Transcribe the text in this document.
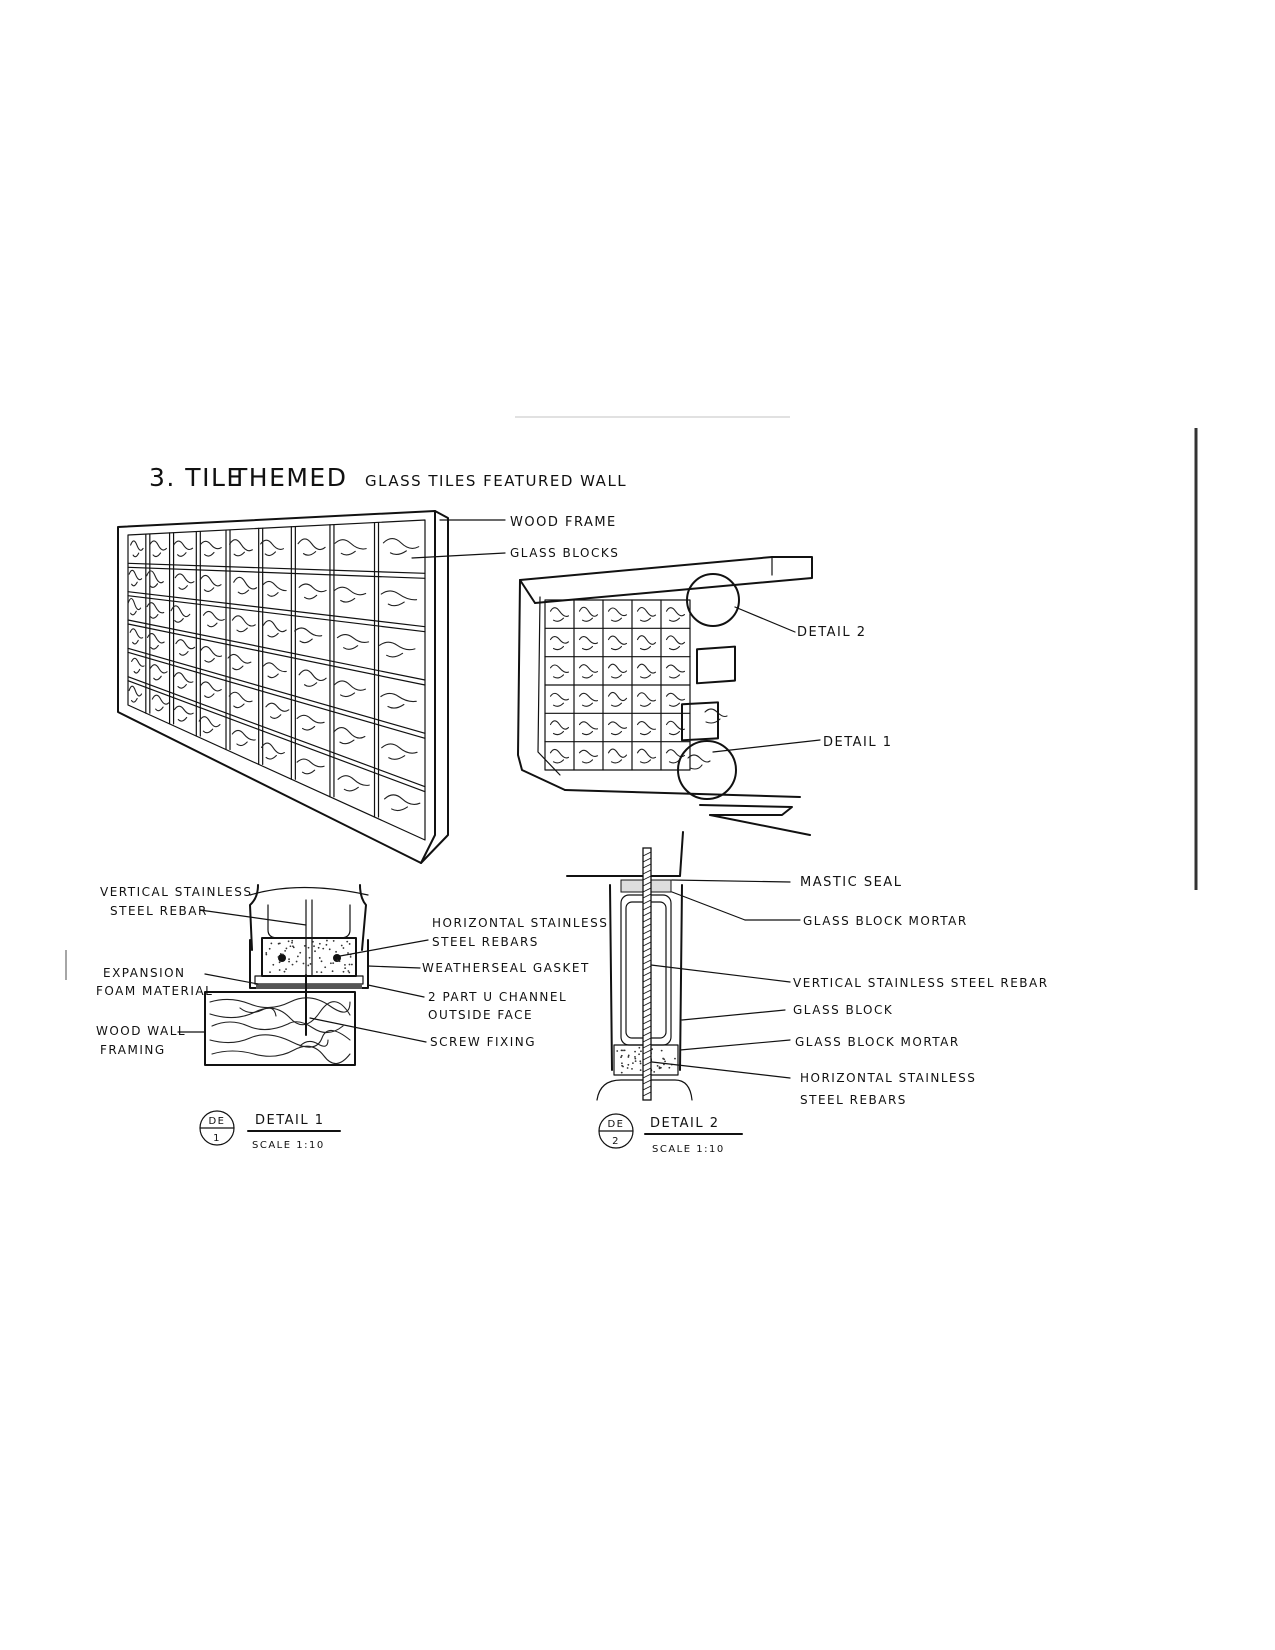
3. TILE
THEMED GLASS TILES FEATURED WALL
WOOD FRAME
GLASS BLOCKS
DETAIL 2
DETAIL 1
VERTICAL STAINLESS
STEEL REBAR
HORIZONTAL STAINLESS
STEEL REBARS
WEATHERSEAL GASKET
EXPANSION
FOAM MATERIAL	2 PART U CHANNEL
OUTSIDE FACE
WOOD WALL
FRAMING
SCREW FIXING
DE
1
DETAIL 1
SCALE 1:10
MASTIC SEAL
GLASS BLOCK MORTAR
VERTICAL STAINLESS STEEL REBAR
GLASS BLOCK
GLASS BLOCK MORTAR
HORIZONTAL STAINLESS
STEEL REBARS
DE
2
DETAIL 2
SCALE 1:10
